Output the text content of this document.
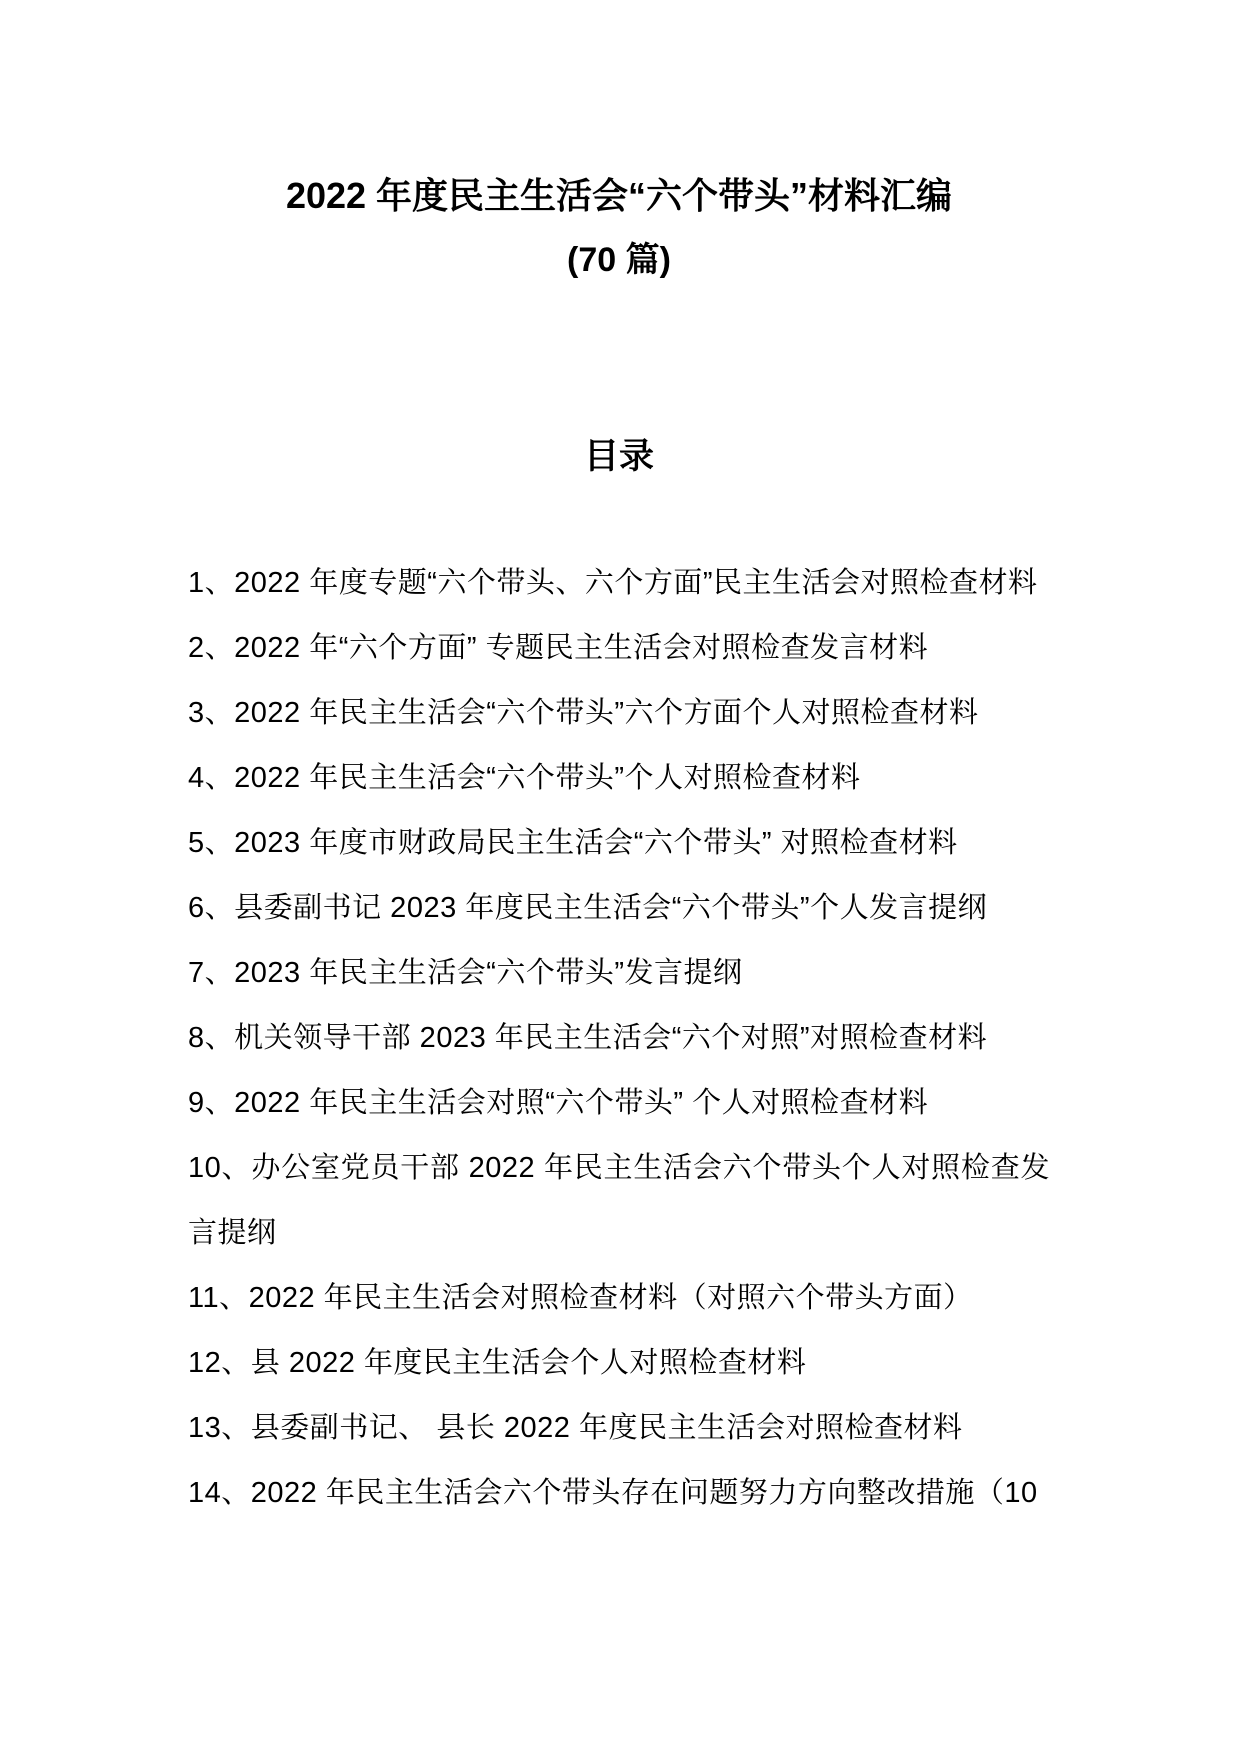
2022 年度民主生活会“六个带头”材料汇编
(70 篇)
目录

1、2022 年度专题“六个带头、六个方面”民主生活会对照检查材料

2、2022 年“六个方面” 专题民主生活会对照检查发言材料

3、2022 年民主生活会“六个带头”六个方面个人对照检查材料

4、2022 年民主生活会“六个带头”个人对照检查材料

5、2023 年度市财政局民主生活会“六个带头” 对照检查材料

6、县委副书记 2023 年度民主生活会“六个带头”个人发言提纲

7、2023 年民主生活会“六个带头”发言提纲

8、机关领导干部 2023 年民主生活会“六个对照”对照检查材料

9、2022 年民主生活会对照“六个带头” 个人对照检查材料

10、办公室党员干部 2022 年民主生活会六个带头个人对照检查发言提纲

11、2022 年民主生活会对照检查材料（对照六个带头方面）

12、县 2022 年度民主生活会个人对照检查材料

13、县委副书记、 县长 2022 年度民主生活会对照检查材料

14、2022 年民主生活会六个带头存在问题努力方向整改措施（10
